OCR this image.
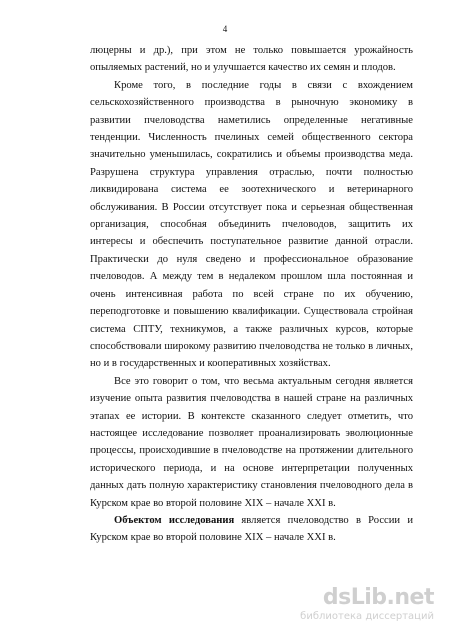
4

люцерны и др.), при этом не только повышается урожайность опыляемых растений, но и улучшается качество их семян и плодов.

Кроме того, в последние годы в связи с вхождением сельскохозяйственного производства в рыночную экономику в развитии пчеловодства наметились определенные негативные тенденции. Численность пчелиных семей общественного сектора значительно уменьшилась, сократились и объемы производства меда. Разрушена структура управления отраслью, почти полностью ликвидирована система ее зоотехнического и ветеринарного обслуживания. В России отсутствует пока и серьезная общественная организация, способная объединить пчеловодов, защитить их интересы и обеспечить поступательное развитие данной отрасли. Практически до нуля сведено и профессиональное образование пчеловодов. А между тем в недалеком прошлом шла постоянная и очень интенсивная работа по всей стране по их обучению, переподготовке и повышению квалификации. Существовала стройная система СПТУ, техникумов, а также различных курсов, которые способствовали широкому развитию пчеловодства не только в личных, но и в государственных и кооперативных хозяйствах.

Все это говорит о том, что весьма актуальным сегодня является изучение опыта развития пчеловодства в нашей стране на различных этапах ее истории. В контексте сказанного следует отметить, что настоящее исследование позволяет проанализировать эволюционные процессы, происходившие в пчеловодстве на протяжении длительного исторического периода, и на основе интерпретации полученных данных дать полную характеристику становления пчеловодного дела в Курском крае во второй половине XIX – начале XXI в.

Объектом исследования является пчеловодство в России и Курском крае во второй половине XIX – начале XXI в.

dsLib.net
библиотека диссертаций
